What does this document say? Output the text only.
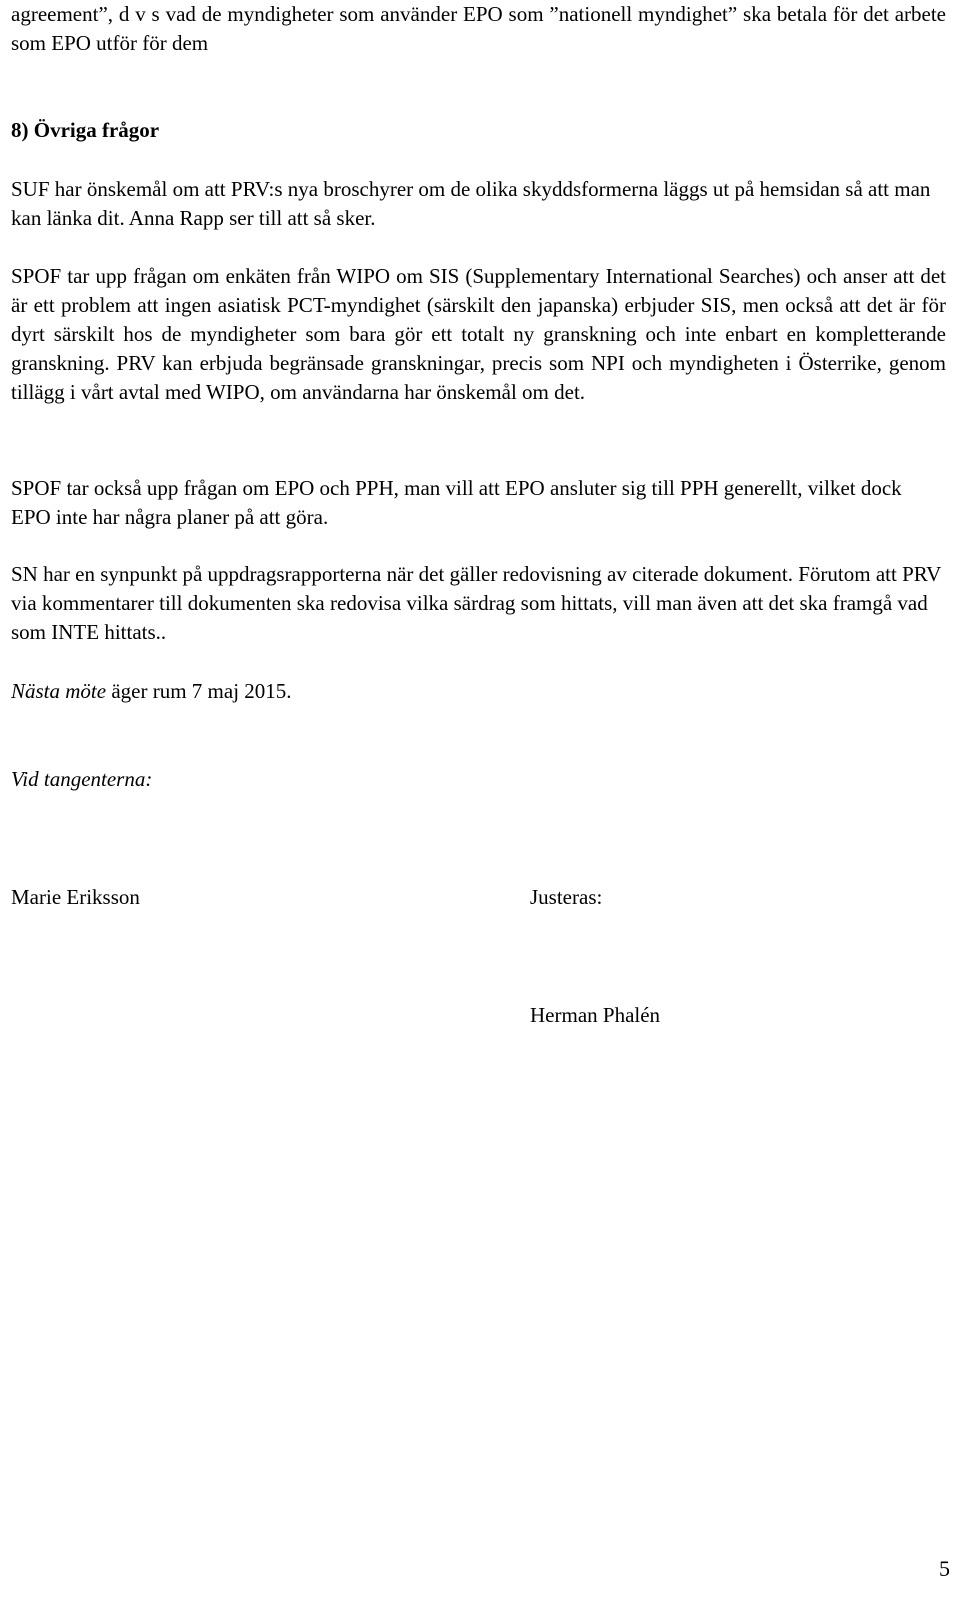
agreement”, d v s vad de myndigheter som använder EPO som ”nationell myndighet” ska betala för det arbete som EPO utför för dem

8) Övriga frågor

SUF har önskemål om att PRV:s nya broschyrer om de olika skyddsformerna läggs ut på hemsidan så att man kan länka dit. Anna Rapp ser till att så sker.

SPOF tar upp frågan om enkäten från WIPO om SIS (Supplementary International Searches) och anser att det är ett problem att ingen asiatisk PCT-myndighet (särskilt den japanska) erbjuder SIS, men också att det är för dyrt särskilt hos de myndigheter som bara gör ett totalt ny granskning och inte enbart en kompletterande granskning. PRV kan erbjuda begränsade granskningar, precis som NPI och myndigheten i Österrike, genom tillägg i vårt avtal med WIPO, om användarna har önskemål om det.

SPOF tar också upp frågan om EPO och PPH, man vill att EPO ansluter sig till PPH generellt, vilket dock EPO inte har några planer på att göra.

SN har en synpunkt på uppdragsrapporterna när det gäller redovisning av citerade dokument. Förutom att PRV via kommentarer till dokumenten ska redovisa vilka särdrag som hittats, vill man även att det ska framgå vad som INTE hittats..

Nästa möte äger rum 7 maj 2015.

Vid tangenterna:

Marie Eriksson	Justeras:
Herman Phalén
5
